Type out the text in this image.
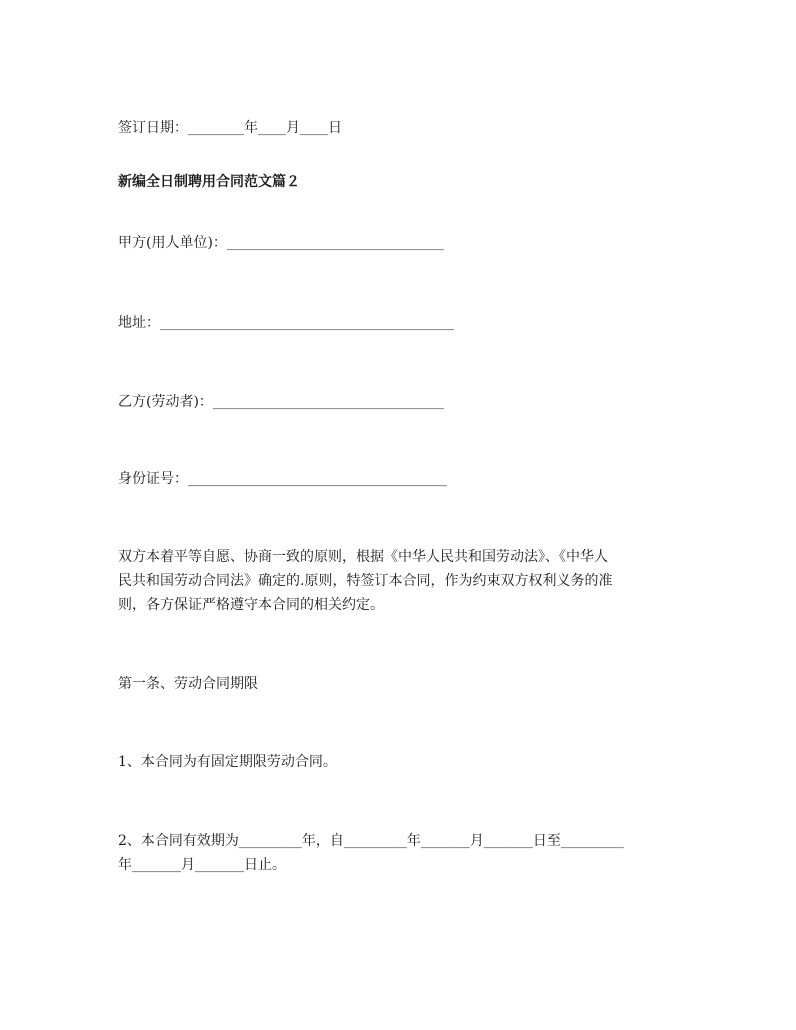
签订日期：________年____月____日
新编全日制聘用合同范文篇２
甲方(用人单位)：_______________________________
地址：__________________________________________
乙方(劳动者)：_________________________________
身份证号：_____________________________________

双方本着平等自愿、协商一致的原则，根据《中华人民共和国劳动法》、《中华人

民共和国劳动合同法》确定的.原则，特签订本合同，作为约束双方权利义务的准

则，各方保证严格遵守本合同的相关约定。

第一条、劳动合同期限
1、本合同为有固定期限劳动合同。

2、本合同有效期为_________年，自_________年_______月_______日至_________

年_______月_______日止。
